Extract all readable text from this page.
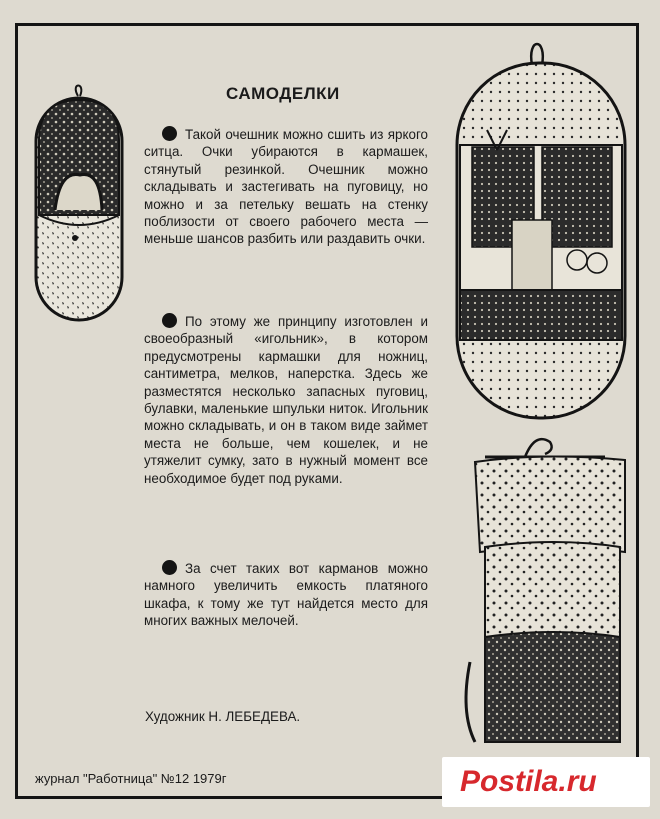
САМОДЕЛКИ

Такой очешник можно сшить из яркого ситца. Очки убираются в кармашек, стянутый резинкой. Очешник можно складывать и застегивать на пуговицу, но можно и за петельку вешать на стенку поблизости от своего рабочего места — меньше шансов разбить или раздавить очки.

По этому же принципу изготовлен и своеобразный «игольник», в котором предусмотрены кармашки для ножниц, сантиметра, мелков, наперстка. Здесь же разместятся несколько запасных пуговиц, булавки, маленькие шпульки ниток. Игольник можно складывать, и он в таком виде займет места не больше, чем кошелек, и не утяжелит сумку, зато в нужный момент все необходимое будет под руками.

За счет таких вот карманов можно намного увеличить емкость платяного шкафа, к тому же тут найдется место для многих важных мелочей.

Художник Н. ЛЕБЕДЕВА.
журнал "Работница" №12 1979г	Postila.ru
